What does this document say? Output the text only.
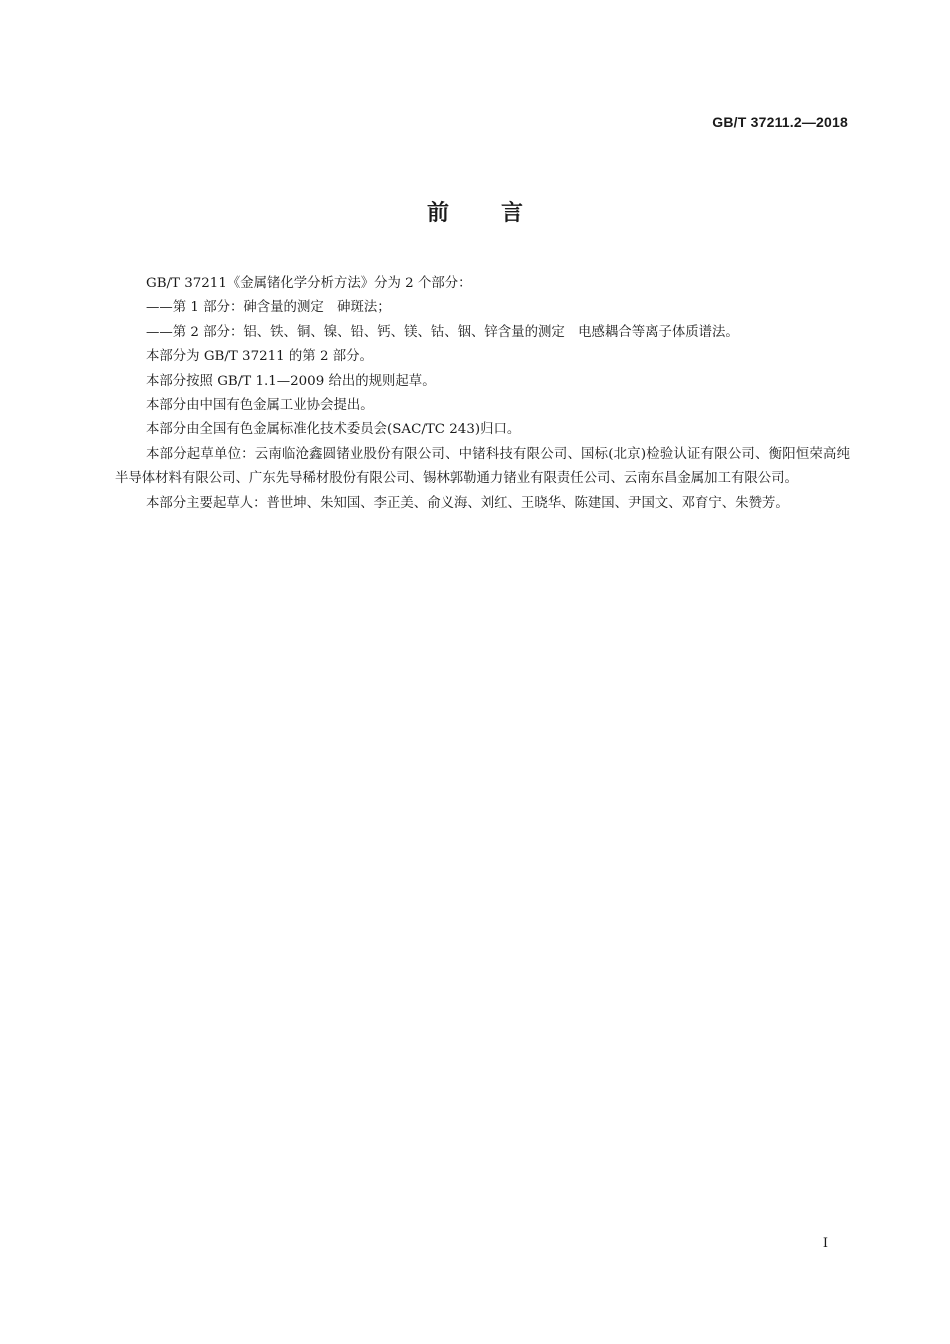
GB/T 37211.2—2018
前言

GB/T 37211《金属锗化学分析方法》分为 2 个部分：

——第 1 部分：砷含量的测定　砷斑法；

——第 2 部分：铝、铁、铜、镍、铅、钙、镁、钴、铟、锌含量的测定　电感耦合等离子体质谱法。

本部分为 GB/T 37211 的第 2 部分。

本部分按照 GB/T 1.1—2009 给出的规则起草。

本部分由中国有色金属工业协会提出。

本部分由全国有色金属标准化技术委员会(SAC/TC 243)归口。

本部分起草单位：云南临沧鑫圆锗业股份有限公司、中锗科技有限公司、国标(北京)检验认证有限公司、衡阳恒荣高纯半导体材料有限公司、广东先导稀材股份有限公司、锡林郭勒通力锗业有限责任公司、云南东昌金属加工有限公司。

本部分主要起草人：普世坤、朱知国、李正美、俞义海、刘红、王晓华、陈建国、尹国文、邓育宁、朱赞芳。

I
